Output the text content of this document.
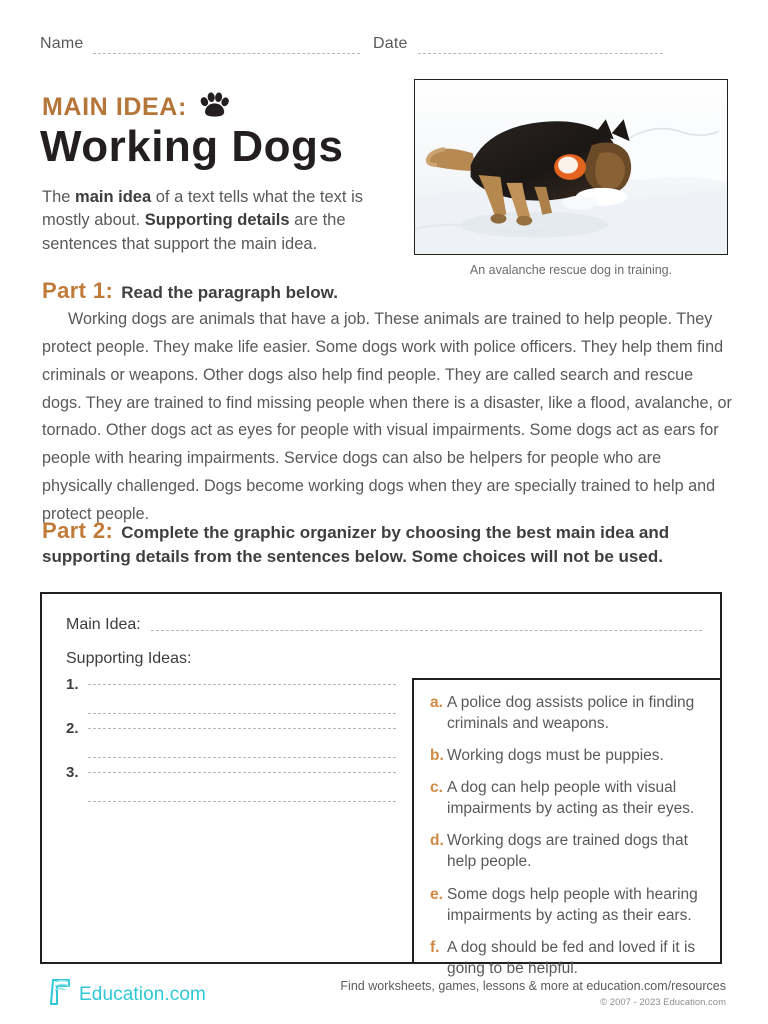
Name	Date
MAIN IDEA:
Working Dogs

The main idea of a text tells what the text is mostly about. Supporting details are the sentences that support the main idea.

An avalanche rescue dog in training.
Part 1: Read the paragraph below.

Working dogs are animals that have a job. These animals are trained to help people. They protect people. They make life easier. Some dogs work with police officers. They help them find criminals or weapons. Other dogs also help find people. They are called search and rescue dogs. They are trained to find missing people when there is a disaster, like a flood, avalanche, or tornado. Other dogs act as eyes for people with visual impairments. Some dogs act as ears for people with hearing impairments. Service dogs can also be helpers for people who are physically challenged. Dogs become working dogs when they are specially trained to help and protect people.

Part 2: Complete the graphic organizer by choosing the best main idea and supporting details from the sentences below. Some choices will not be used.
Main Idea:
Supporting Ideas:
1.
2.
3.
a. A police dog assists police in finding criminals and weapons.
b. Working dogs must be puppies.
c. A dog can help people with visual impairments by acting as their eyes.
d. Working dogs are trained dogs that help people.
e. Some dogs help people with hearing impairments by acting as their ears.
f. A dog should be fed and loved if it is going to be helpful.
Education.com	Find worksheets, games, lessons & more at education.com/resources
© 2007 - 2023 Education.com
